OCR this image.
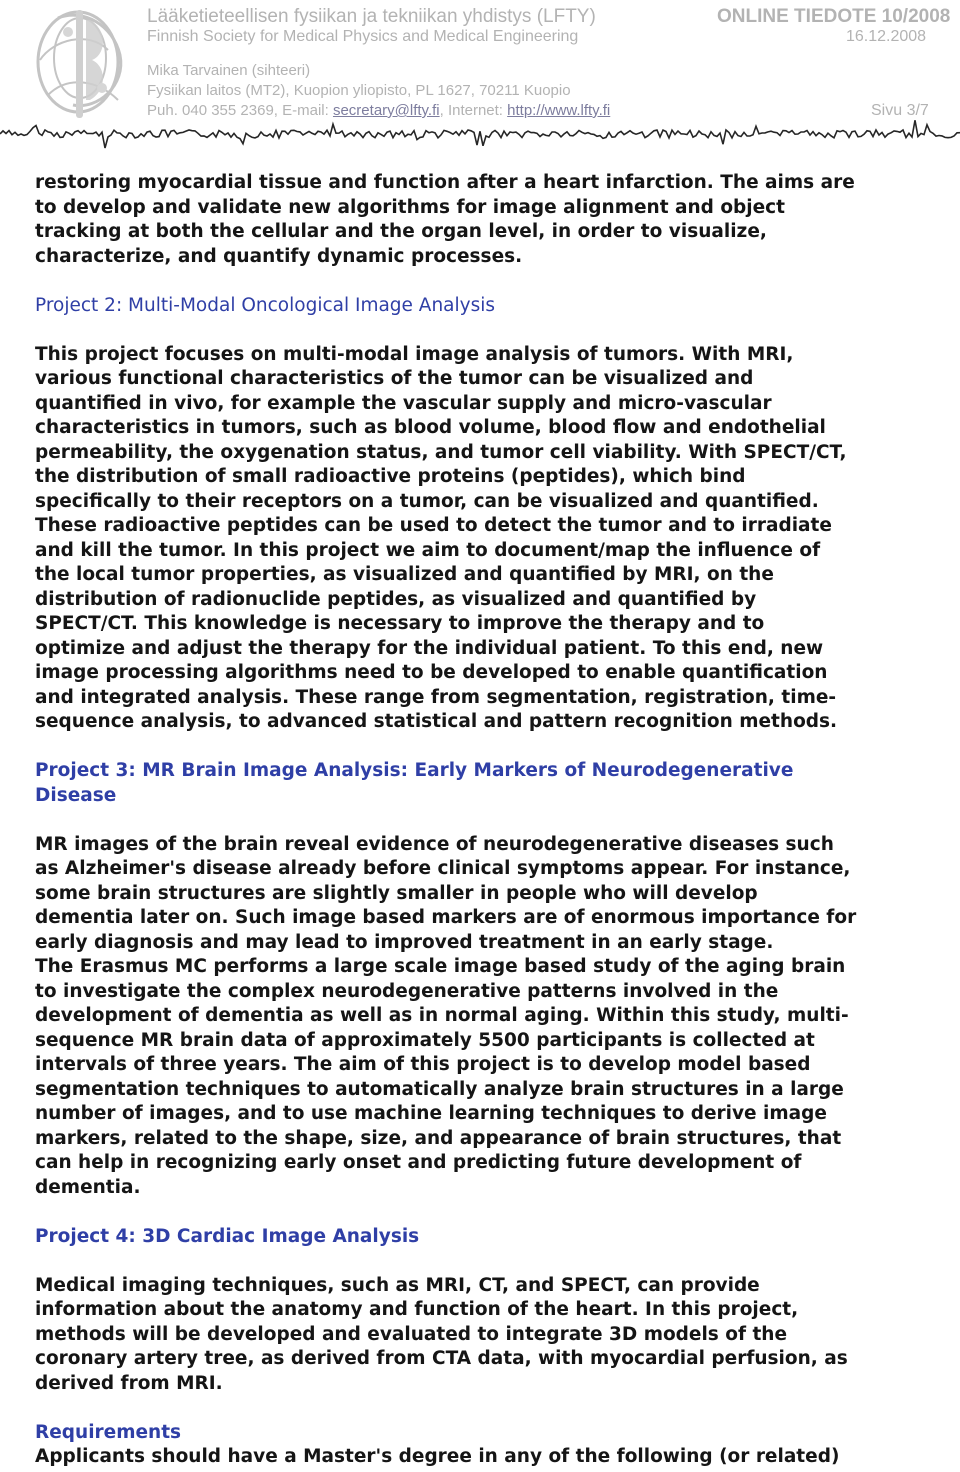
Lääketieteellisen fysiikan ja tekniikan yhdistys (LFTY)
Finnish Society for Medical Physics and Medical Engineering
ONLINE TIEDOTE 10/2008
16.12.2008
Mika Tarvainen (sihteeri)
Fysiikan laitos (MT2), Kuopion yliopisto, PL 1627, 70211 Kuopio
Puh. 040 355 2369, E-mail: secretary@lfty.fi, Internet: http://www.lfty.fi	Sivu 3/7

restoring myocardial tissue and function after a heart infarction. The aims are
to develop and validate new algorithms for image alignment and object
tracking at both the cellular and the organ level, in order to visualize,
characterize, and quantify dynamic processes.

Project 2: Multi-Modal Oncological Image Analysis

This project focuses on multi-modal image analysis of tumors. With MRI,
various functional characteristics of the tumor can be visualized and
quantified in vivo, for example the vascular supply and micro-vascular
characteristics in tumors, such as blood volume, blood flow and endothelial
permeability, the oxygenation status, and tumor cell viability. With SPECT/CT,
the distribution of small radioactive proteins (peptides), which bind
specifically to their receptors on a tumor, can be visualized and quantified.
These radioactive peptides can be used to detect the tumor and to irradiate
and kill the tumor. In this project we aim to document/map the influence of
the local tumor properties, as visualized and quantified by MRI, on the
distribution of radionuclide peptides, as visualized and quantified by
SPECT/CT. This knowledge is necessary to improve the therapy and to
optimize and adjust the therapy for the individual patient. To this end, new
image processing algorithms need to be developed to enable quantification
and integrated analysis. These range from segmentation, registration, time-
sequence analysis, to advanced statistical and pattern recognition methods.

Project 3: MR Brain Image Analysis: Early Markers of Neurodegenerative
Disease

MR images of the brain reveal evidence of neurodegenerative diseases such
as Alzheimer's disease already before clinical symptoms appear. For instance,
some brain structures are slightly smaller in people who will develop
dementia later on. Such image based markers are of enormous importance for
early diagnosis and may lead to improved treatment in an early stage.
The Erasmus MC performs a large scale image based study of the aging brain
to investigate the complex neurodegenerative patterns involved in the
development of dementia as well as in normal aging. Within this study, multi-
sequence MR brain data of approximately 5500 participants is collected at
intervals of three years. The aim of this project is to develop model based
segmentation techniques to automatically analyze brain structures in a large
number of images, and to use machine learning techniques to derive image
markers, related to the shape, size, and appearance of brain structures, that
can help in recognizing early onset and predicting future development of
dementia.

Project 4: 3D Cardiac Image Analysis

Medical imaging techniques, such as MRI, CT, and SPECT, can provide
information about the anatomy and function of the heart. In this project,
methods will be developed and evaluated to integrate 3D models of the
coronary artery tree, as derived from CTA data, with myocardial perfusion, as
derived from MRI.

Requirements

Applicants should have a Master's degree in any of the following (or related)
